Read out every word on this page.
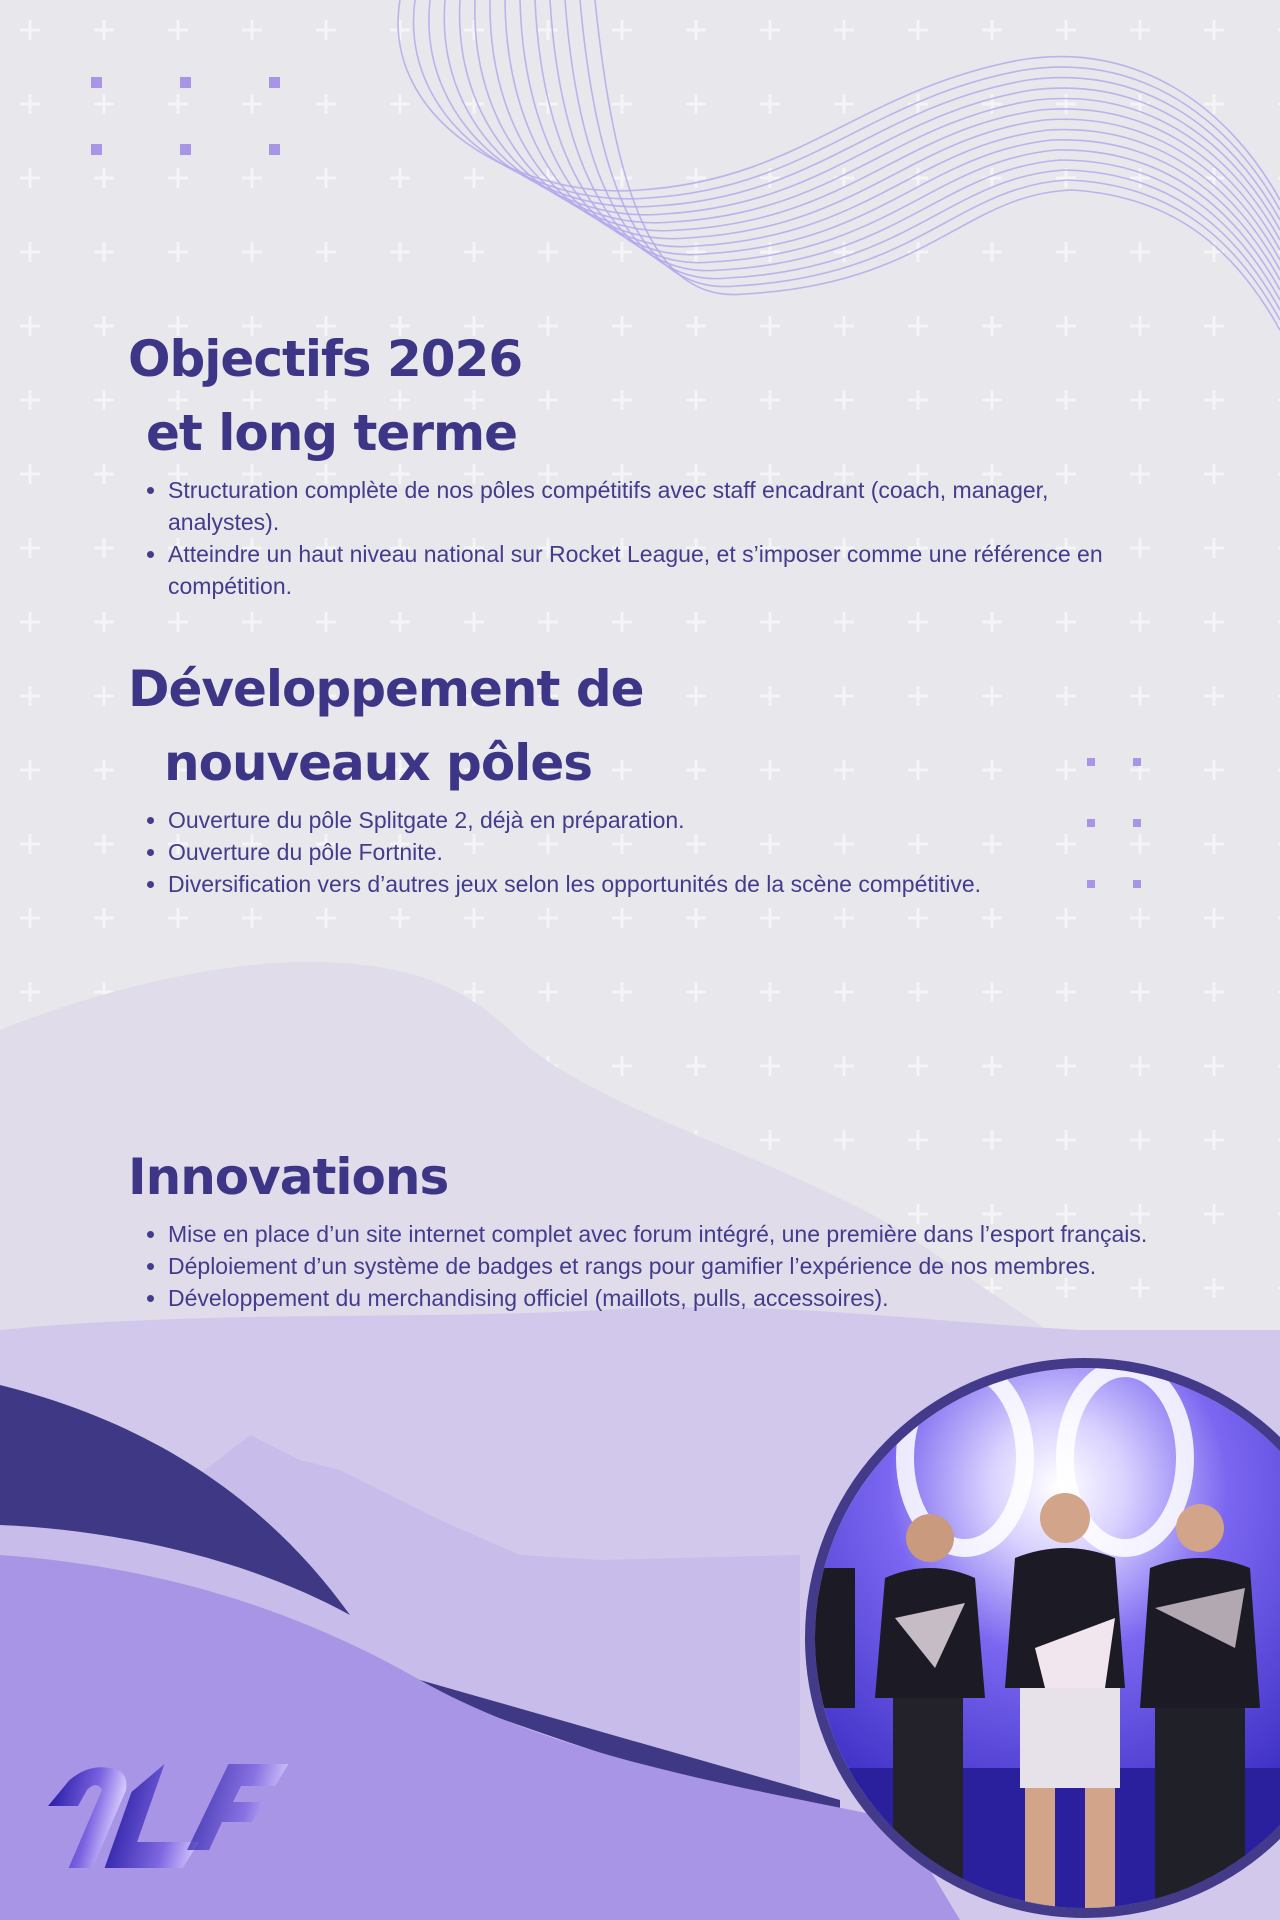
Objectifs 2026
et long terme
• Structuration complète de nos pôles compétitifs avec staff encadrant (coach, manager, analystes).
• Atteindre un haut niveau national sur Rocket League, et s’imposer comme une référence en compétition.
Développement de
nouveaux pôles
• Ouverture du pôle Splitgate 2, déjà en préparation.
• Ouverture du pôle Fortnite.
• Diversification vers d’autres jeux selon les opportunités de la scène compétitive.
Innovations
• Mise en place d’un site internet complet avec forum intégré, une première dans l’esport français.
• Déploiement d’un système de badges et rangs pour gamifier l’expérience de nos membres.
• Développement du merchandising officiel (maillots, pulls, accessoires).
